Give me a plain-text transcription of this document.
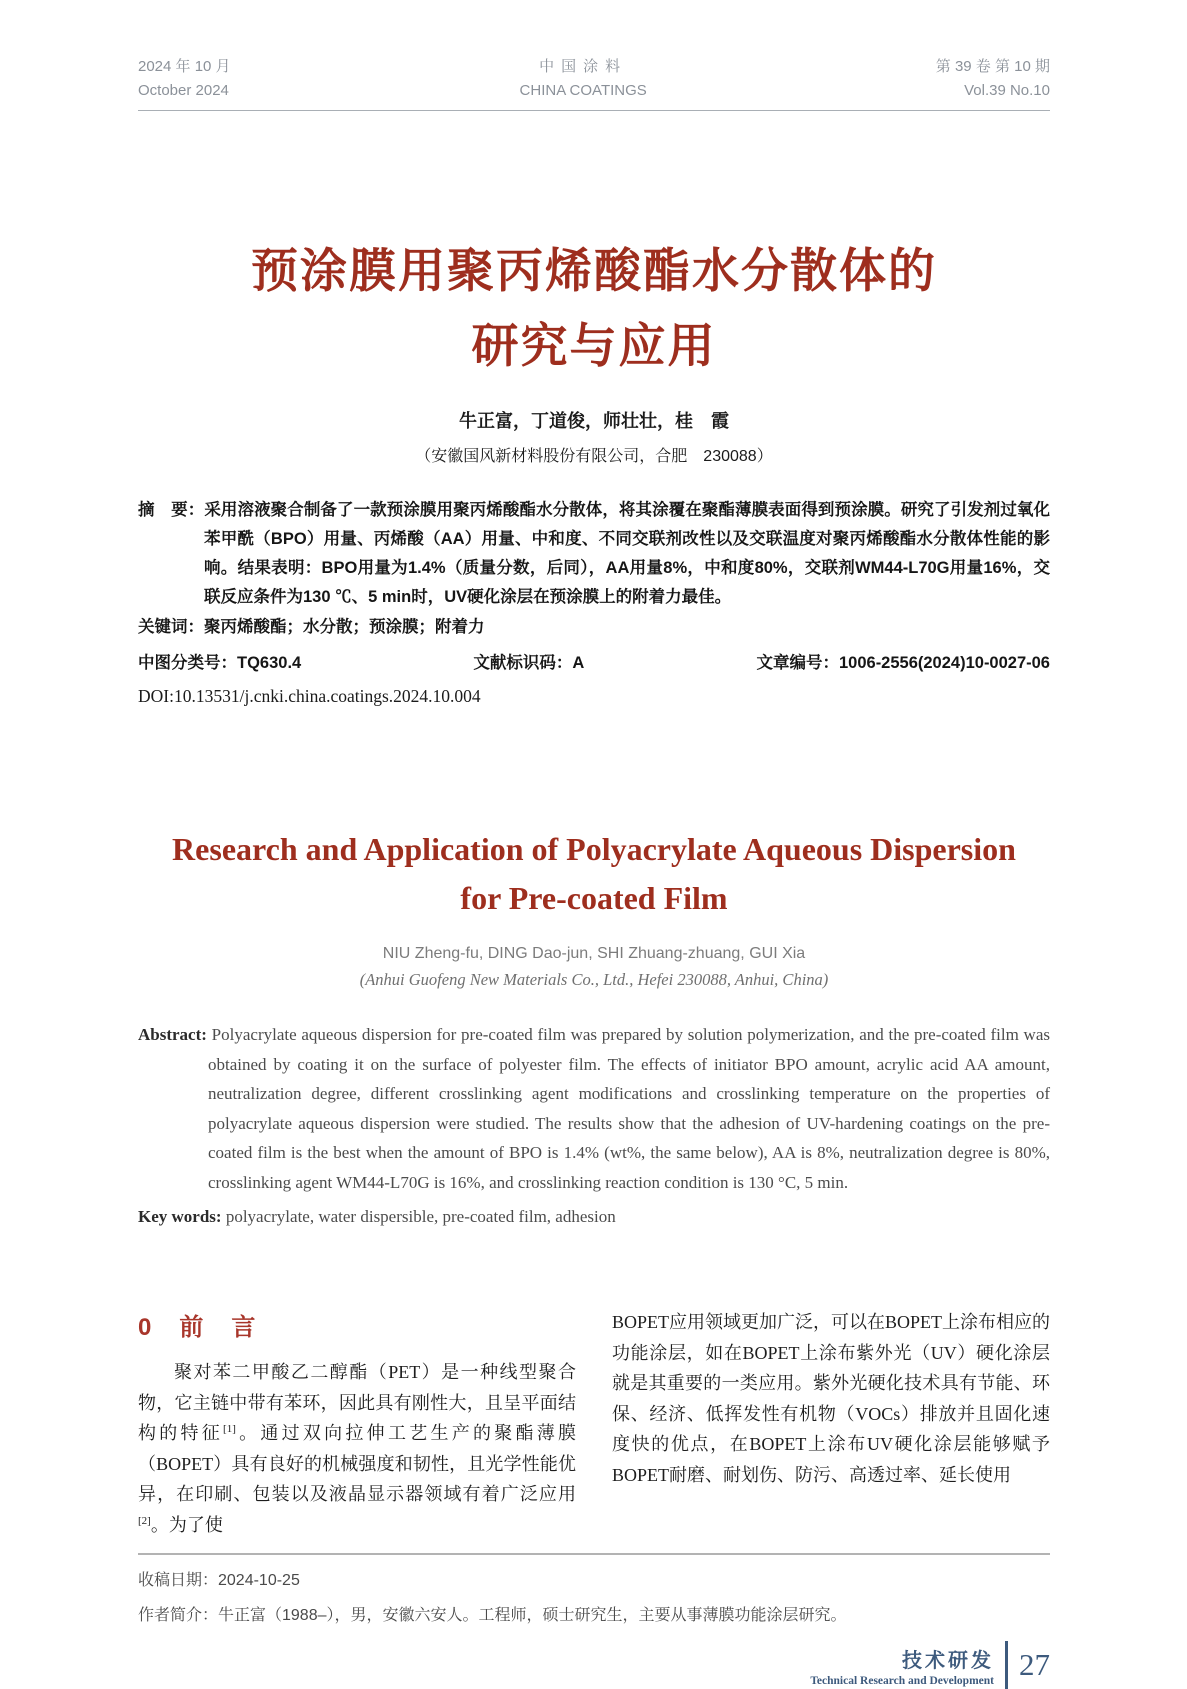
2024 年 10 月
October 2024
中国涂料
CHINA COATINGS
第 39 卷 第 10 期
Vol.39 No.10
预涂膜用聚丙烯酸酯水分散体的
研究与应用
牛正富，丁道俊，师壮壮，桂　霞
（安徽国风新材料股份有限公司，合肥　230088）

摘　要：采用溶液聚合制备了一款预涂膜用聚丙烯酸酯水分散体，将其涂覆在聚酯薄膜表面得到预涂膜。研究了引发剂过氧化苯甲酰（BPO）用量、丙烯酸（AA）用量、中和度、不同交联剂改性以及交联温度对聚丙烯酸酯水分散体性能的影响。结果表明：BPO用量为1.4%（质量分数，后同），AA用量8%，中和度80%，交联剂WM44-L70G用量16%，交联反应条件为130 ℃、5 min时，UV硬化涂层在预涂膜上的附着力最佳。

关键词：聚丙烯酸酯；水分散；预涂膜；附着力

中图分类号：TQ630.4	文献标识码：A	文章编号：1006-2556(2024)10-0027-06
DOI:10.13531/j.cnki.china.coatings.2024.10.004
Research and Application of Polyacrylate Aqueous Dispersion
for Pre-coated Film
NIU Zheng-fu, DING Dao-jun, SHI Zhuang-zhuang, GUI Xia
(Anhui Guofeng New Materials Co., Ltd., Hefei 230088, Anhui, China)

Abstract: Polyacrylate aqueous dispersion for pre-coated film was prepared by solution polymerization, and the pre-coated film was obtained by coating it on the surface of polyester film. The effects of initiator BPO amount, acrylic acid AA amount, neutralization degree, different crosslinking agent modifications and crosslinking temperature on the properties of polyacrylate aqueous dispersion were studied. The results show that the adhesion of UV-hardening coatings on the pre-coated film is the best when the amount of BPO is 1.4% (wt%, the same below), AA is 8%, neutralization degree is 80%, crosslinking agent WM44-L70G is 16%, and crosslinking reaction condition is 130 °C, 5 min.

Key words: polyacrylate, water dispersible, pre-coated film, adhesion

0　前　言

聚对苯二甲酸乙二醇酯（PET）是一种线型聚合物，它主链中带有苯环，因此具有刚性大，且呈平面结构的特征[1]。通过双向拉伸工艺生产的聚酯薄膜（BOPET）具有良好的机械强度和韧性，且光学性能优异，在印刷、包装以及液晶显示器领域有着广泛应用[2]。为了使

BOPET应用领域更加广泛，可以在BOPET上涂布相应的功能涂层，如在BOPET上涂布紫外光（UV）硬化涂层就是其重要的一类应用。紫外光硬化技术具有节能、环保、经济、低挥发性有机物（VOCs）排放并且固化速度快的优点，在BOPET上涂布UV硬化涂层能够赋予BOPET耐磨、耐划伤、防污、高透过率、延长使用

收稿日期：2024-10-25
作者简介：牛正富（1988–），男，安徽六安人。工程师，硕士研究生，主要从事薄膜功能涂层研究。
技术研发
Technical Research and Development 27
